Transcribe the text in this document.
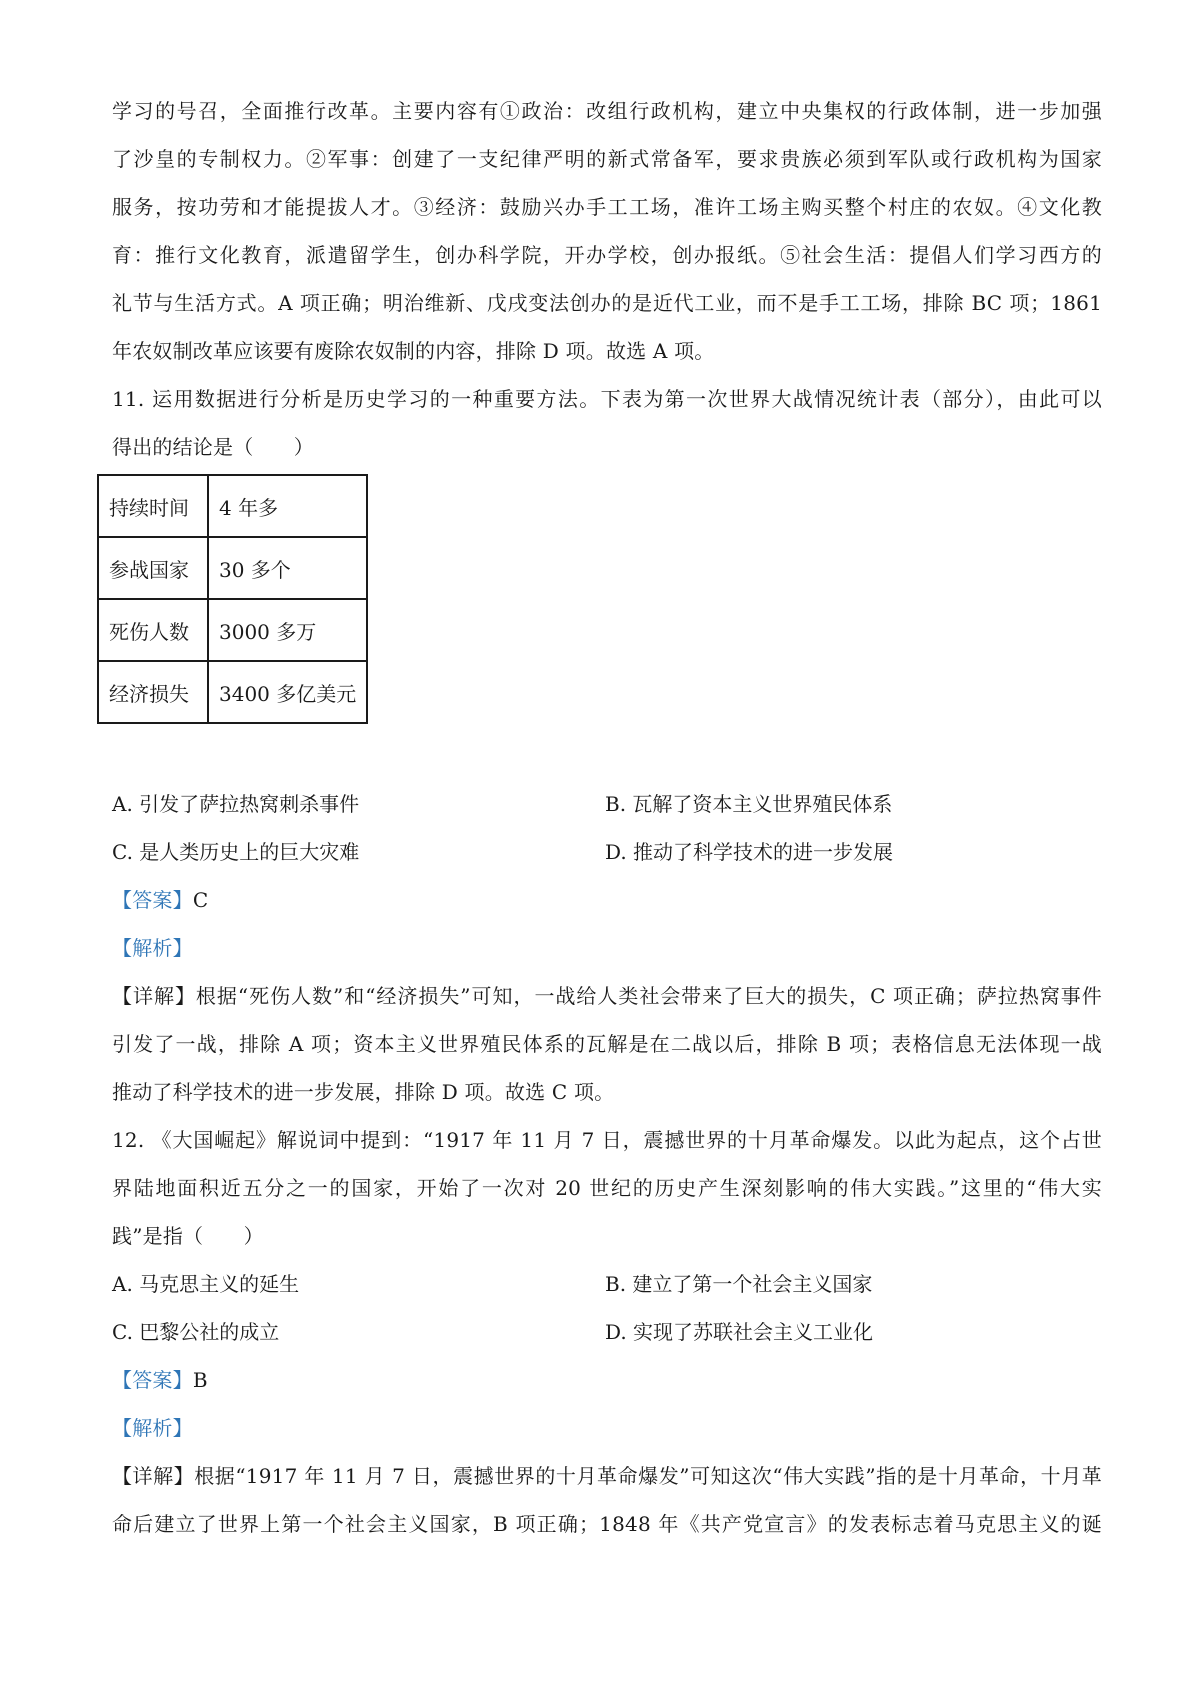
学习的号召，全面推行改革。主要内容有①政治：改组行政机构，建立中央集权的行政体制，进一步加强
了沙皇的专制权力。②军事：创建了一支纪律严明的新式常备军，要求贵族必须到军队或行政机构为国家
服务，按功劳和才能提拔人才。③经济：鼓励兴办手工工场，准许工场主购买整个村庄的农奴。④文化教
育：推行文化教育，派遣留学生，创办科学院，开办学校，创办报纸。⑤社会生活：提倡人们学习西方的
礼节与生活方式。A 项正确；明治维新、戊戌变法创办的是近代工业，而不是手工工场，排除 BC 项；1861
年农奴制改革应该要有废除农奴制的内容，排除 D 项。故选 A 项。
11. 运用数据进行分析是历史学习的一种重要方法。下表为第一次世界大战情况统计表（部分），由此可以
得出的结论是（　　）
持续时间	4 年多
参战国家	30 多个
死伤人数	3000 多万
经济损失	3400 多亿美元
A. 引发了萨拉热窝刺杀事件	B. 瓦解了资本主义世界殖民体系
C. 是人类历史上的巨大灾难	D. 推动了科学技术的进一步发展
【答案】C
【解析】
【详解】根据“死伤人数”和“经济损失”可知，一战给人类社会带来了巨大的损失，C 项正确；萨拉热窝事件
引发了一战，排除 A 项；资本主义世界殖民体系的瓦解是在二战以后，排除 B 项；表格信息无法体现一战
推动了科学技术的进一步发展，排除 D 项。故选 C 项。
12. 《大国崛起》解说词中提到：“1917 年 11 月 7 日，震撼世界的十月革命爆发。以此为起点，这个占世
界陆地面积近五分之一的国家，开始了一次对 20 世纪的历史产生深刻影响的伟大实践。”这里的“伟大实
践”是指（　　）
A. 马克思主义的延生	B. 建立了第一个社会主义国家
C. 巴黎公社的成立	D. 实现了苏联社会主义工业化
【答案】B
【解析】
【详解】根据“1917 年 11 月 7 日，震撼世界的十月革命爆发”可知这次“伟大实践”指的是十月革命，十月革
命后建立了世界上第一个社会主义国家，B 项正确；1848 年《共产党宣言》的发表标志着马克思主义的诞
